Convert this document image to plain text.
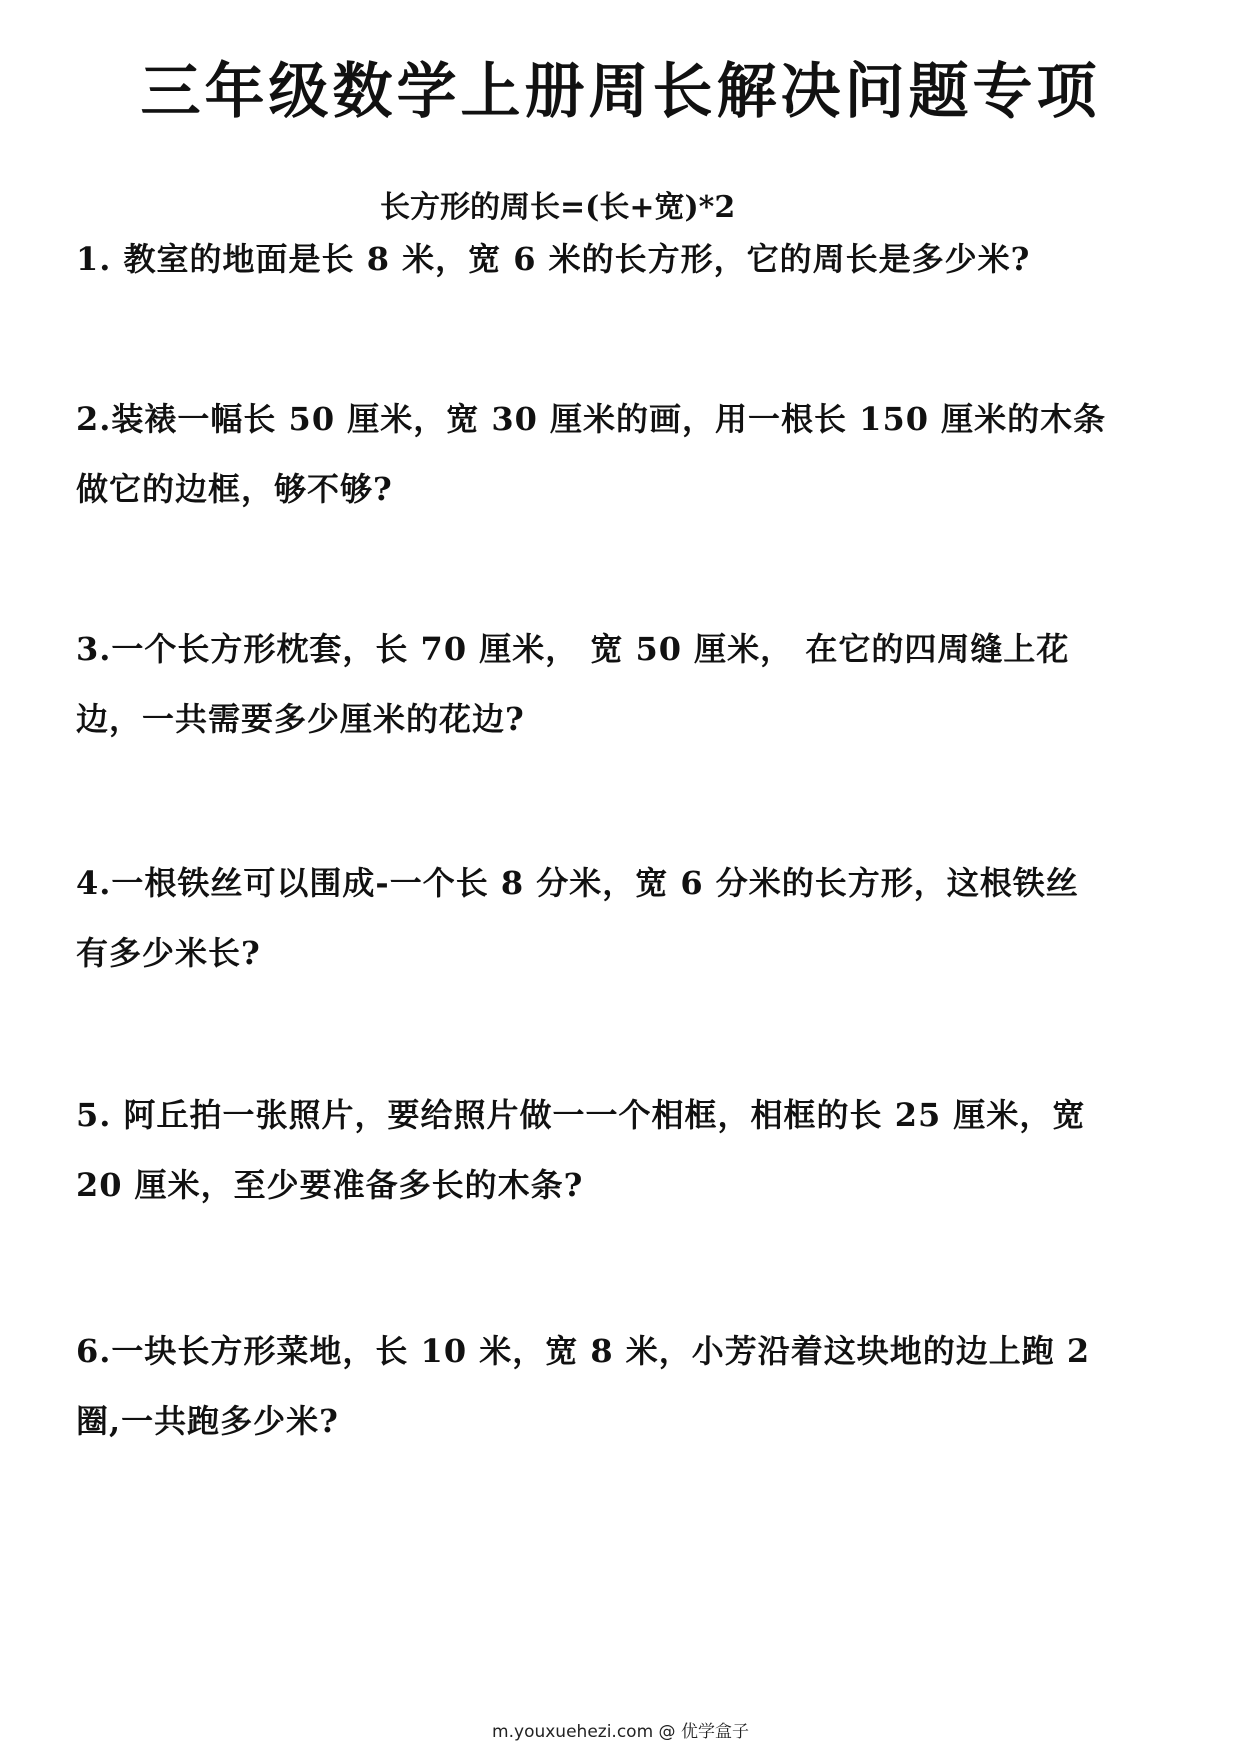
三年级数学上册周长解决问题专项
长方形的周长=(长+宽)*2
1. 教室的地面是长 8 米，宽 6 米的长方形，它的周长是多少米?
2.装裱一幅长 50 厘米，宽 30 厘米的画，用一根长 150 厘米的木条
做它的边框，够不够?
3.一个长方形枕套，长 70 厘米， 宽 50 厘米， 在它的四周缝上花
边，一共需要多少厘米的花边?
4.一根铁丝可以围成-一个长 8 分米，宽 6 分米的长方形，这根铁丝
有多少米长?
5. 阿丘拍一张照片，要给照片做一一个相框，相框的长 25 厘米，宽
20 厘米，至少要准备多长的木条?
6.一块长方形菜地，长 10 米，宽 8 米，小芳沿着这块地的边上跑 2
圈,一共跑多少米?
m.youxuehezi.com @ 优学盒子
